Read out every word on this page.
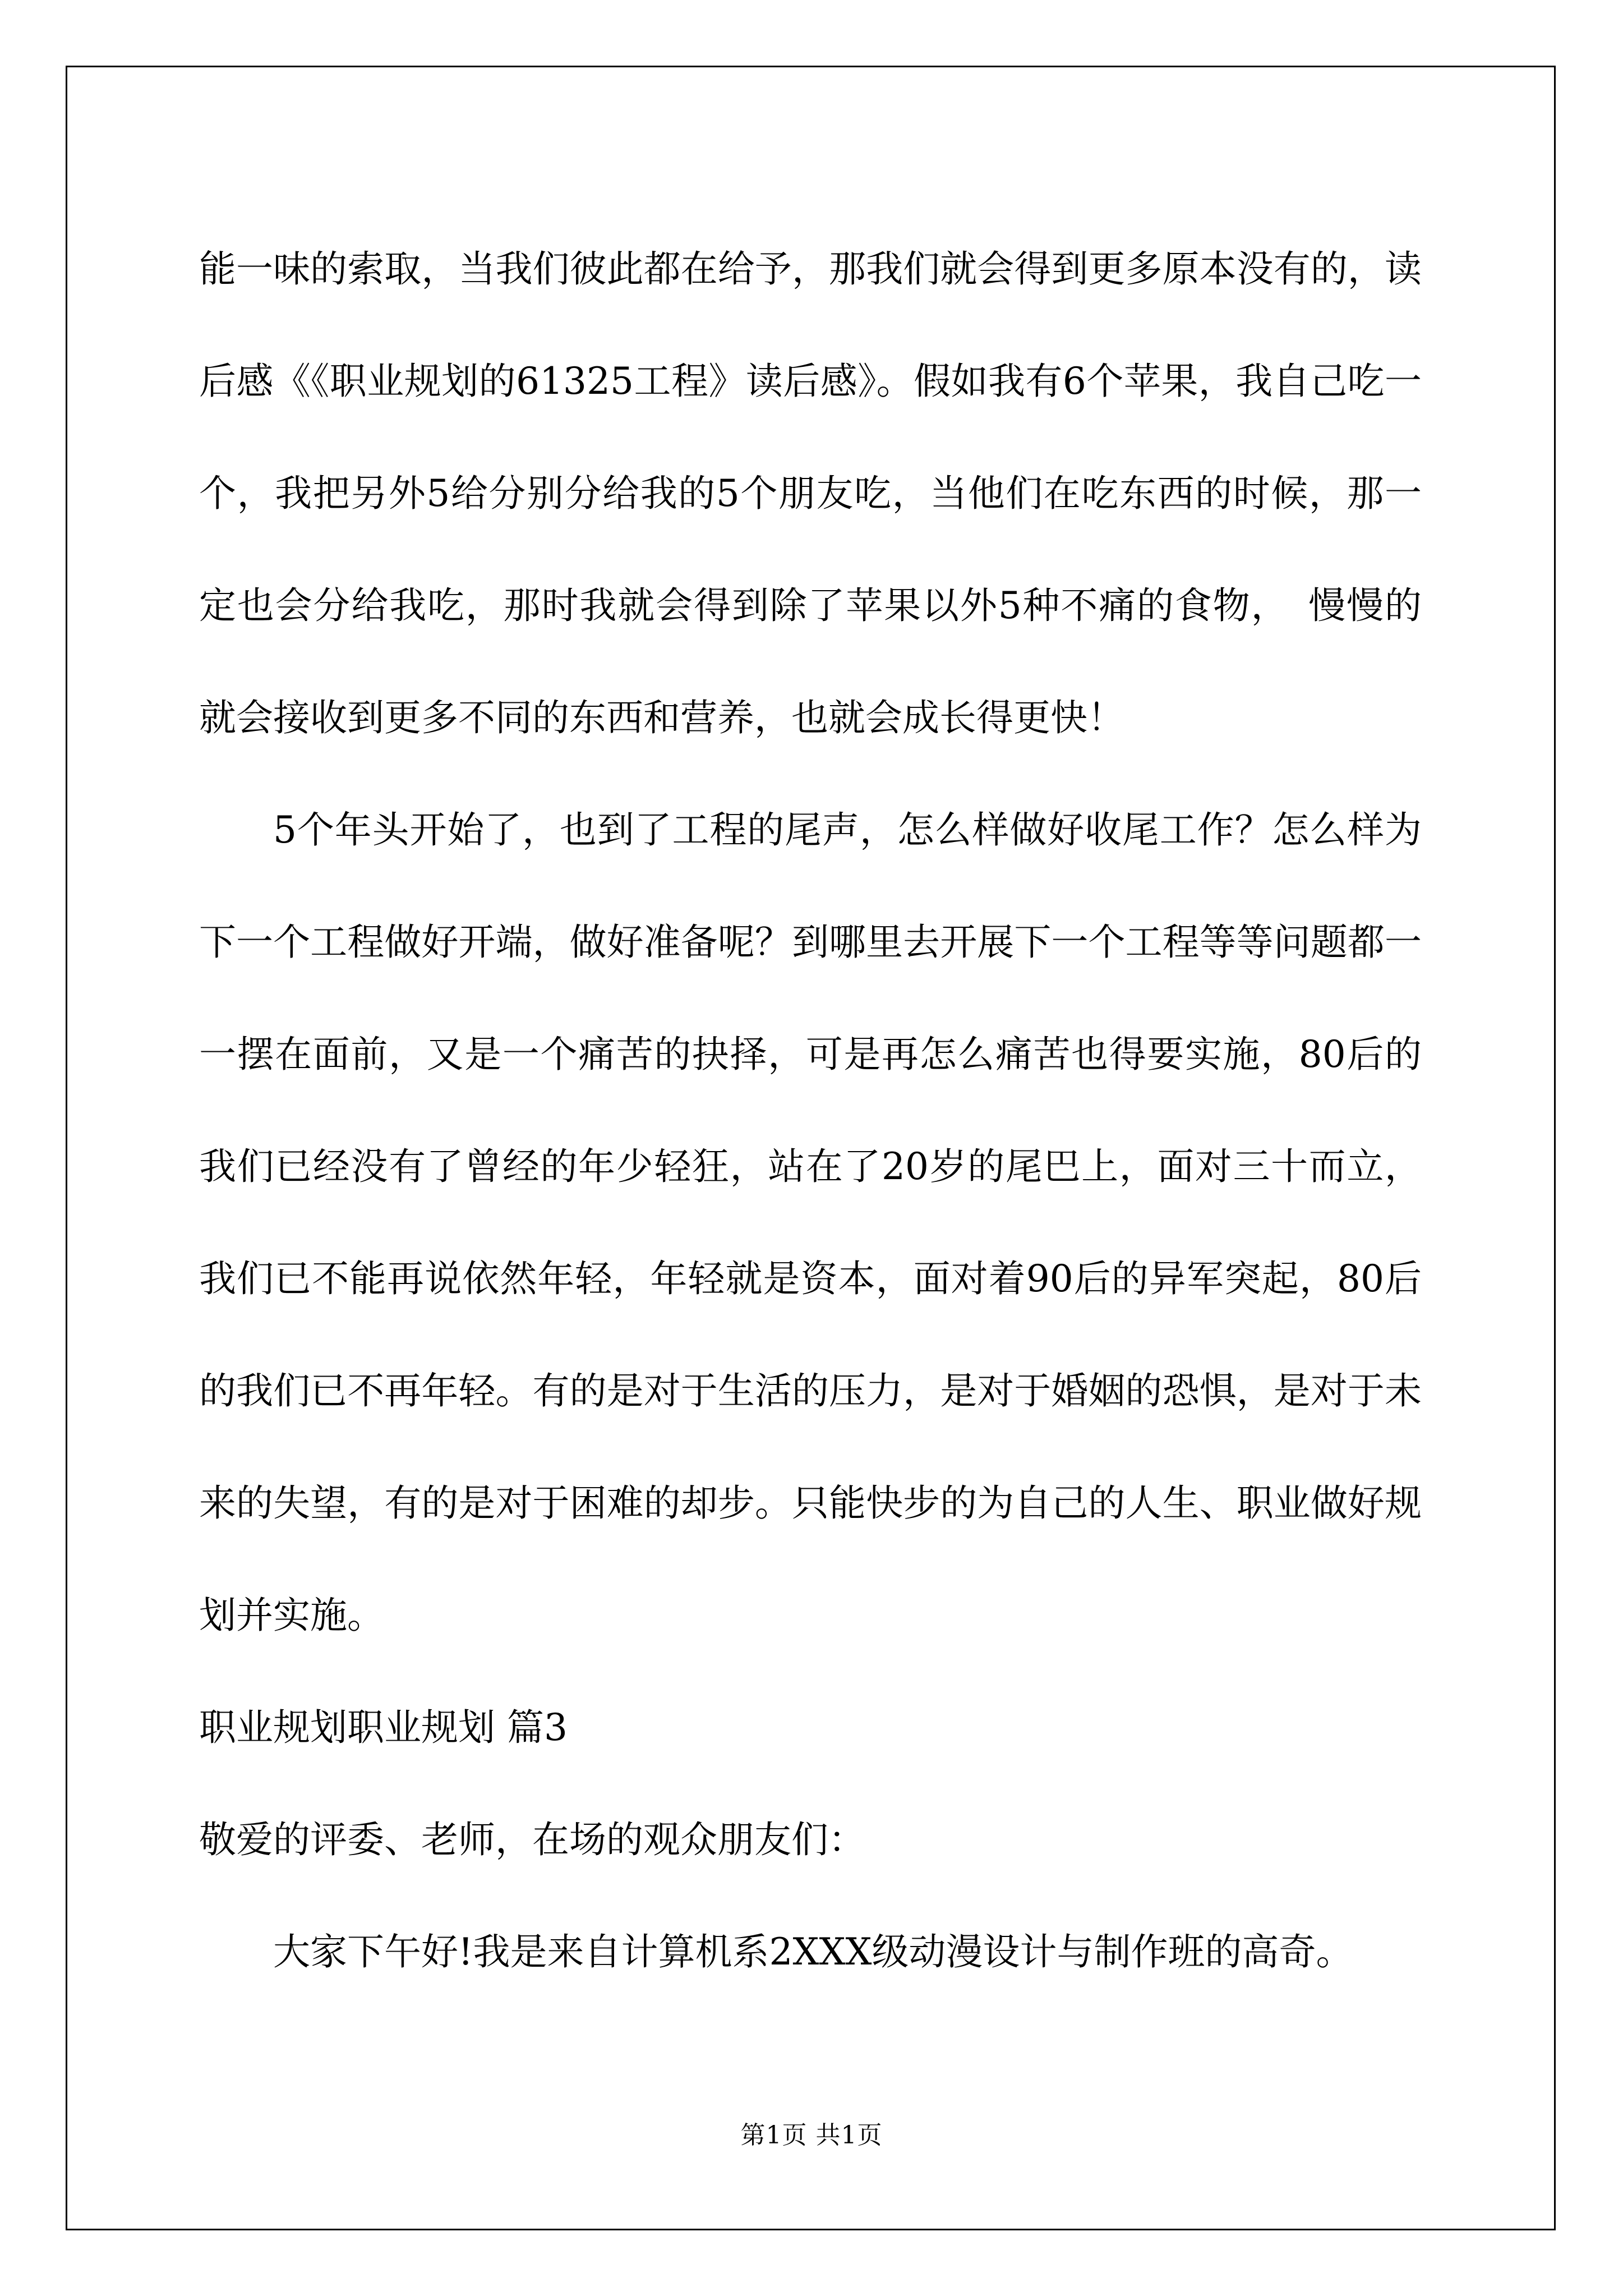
能一味的索取，当我们彼此都在给予，那我们就会得到更多原本没有的，读后感《《职业规划的61325工程》读后感》。假如我有6个苹果，我自己吃一个，我把另外5给分别分给我的5个朋友吃，当他们在吃东西的时候，那一定也会分给我吃，那时我就会得到除了苹果以外5种不痛的食物，　慢慢的就会接收到更多不同的东西和营养，也就会成长得更快！

5个年头开始了，也到了工程的尾声，怎么样做好收尾工作？怎么样为下一个工程做好开端，做好准备呢？到哪里去开展下一个工程等等问题都一一摆在面前，又是一个痛苦的抉择，可是再怎么痛苦也得要实施，80后的我们已经没有了曾经的年少轻狂，站在了20岁的尾巴上，面对三十而立，我们已不能再说依然年轻，年轻就是资本，面对着90后的异军突起，80后的我们已不再年轻。有的是对于生活的压力，是对于婚姻的恐惧，是对于未来的失望，有的是对于困难的却步。只能快步的为自己的人生、职业做好规划并实施。

职业规划职业规划 篇3

敬爱的评委、老师，在场的观众朋友们：

大家下午好!我是来自计算机系2XXX级动漫设计与制作班的高奇。

第1页 共1页
